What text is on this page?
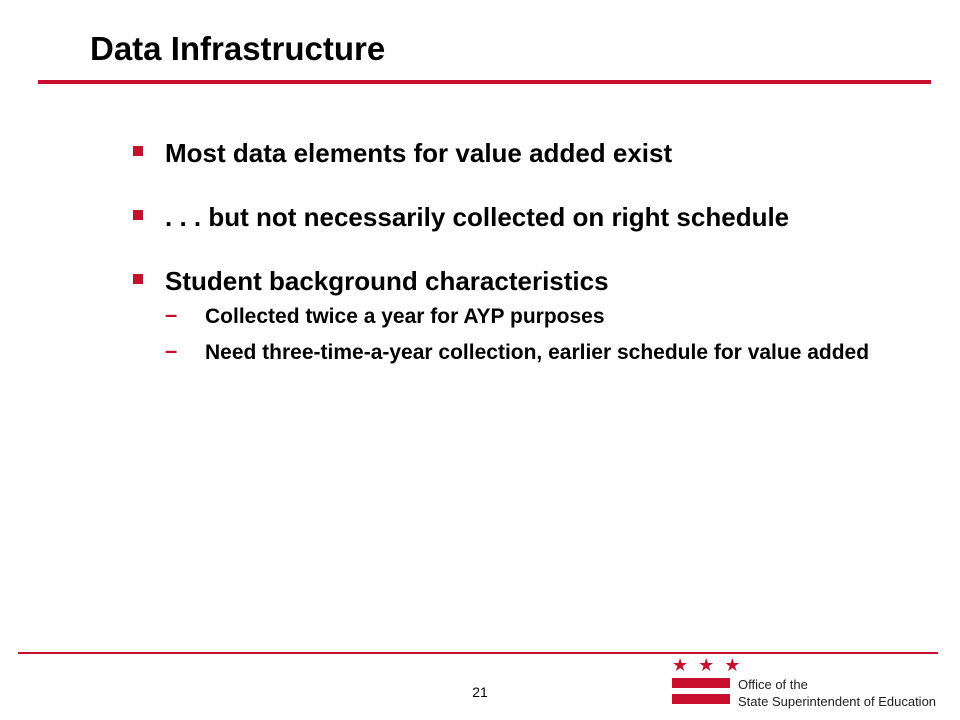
Data Infrastructure
Most data elements for value added exist
. . . but not necessarily collected on right schedule
Student background characteristics
– Collected twice a year for AYP purposes
– Need three-time-a-year collection, earlier schedule for value added
21
★★★
Office of the
State Superintendent of Education
